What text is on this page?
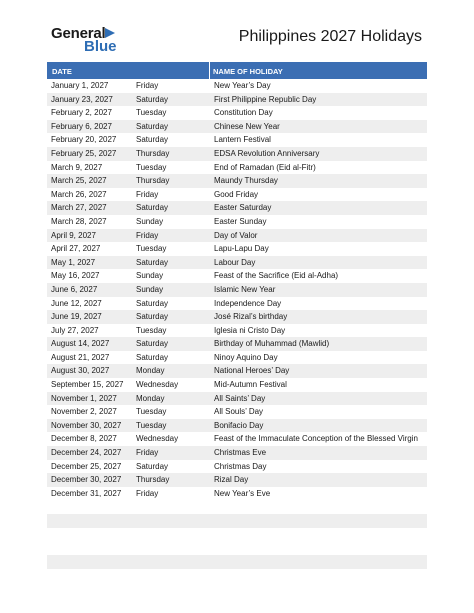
General
Blue
Philippines 2027 Holidays
DATE	NAME OF HOLIDAY
January 1, 2027	Friday	New Year’s Day
January 23, 2027	Saturday	First Philippine Republic Day
February 2, 2027	Tuesday	Constitution Day
February 6, 2027	Saturday	Chinese New Year
February 20, 2027 Saturday	Lantern Festival
February 25, 2027 Thursday	EDSA Revolution Anniversary
March 9, 2027	Tuesday	End of Ramadan (Eid al-Fitr)
March 25, 2027	Thursday	Maundy Thursday
March 26, 2027	Friday	Good Friday
March 27, 2027	Saturday	Easter Saturday
March 28, 2027	Sunday	Easter Sunday
April 9, 2027	Friday	Day of Valor
April 27, 2027	Tuesday	Lapu-Lapu Day
May 1, 2027	Saturday	Labour Day
May 16, 2027	Sunday	Feast of the Sacrifice (Eid al-Adha)
June 6, 2027	Sunday	Islamic New Year
June 12, 2027	Saturday	Independence Day
June 19, 2027	Saturday	José Rizal’s birthday
July 27, 2027	Tuesday	Iglesia ni Cristo Day
August 14, 2027	Saturday	Birthday of Muhammad (Mawlid)
August 21, 2027	Saturday	Ninoy Aquino Day
August 30, 2027	Monday	National Heroes’ Day
September 15, 2027 Wednesday	Mid-Autumn Festival
November 1, 2027 Monday	All Saints’ Day
November 2, 2027 Tuesday	All Souls’ Day
November 30, 2027 Tuesday	Bonifacio Day
December 8, 2027 Wednesday	Feast of the Immaculate Conception of the Blessed Virgin
December 24, 2027 Friday	Christmas Eve
December 25, 2027 Saturday	Christmas Day
December 30, 2027 Thursday	Rizal Day
December 31, 2027 Friday	New Year’s Eve
